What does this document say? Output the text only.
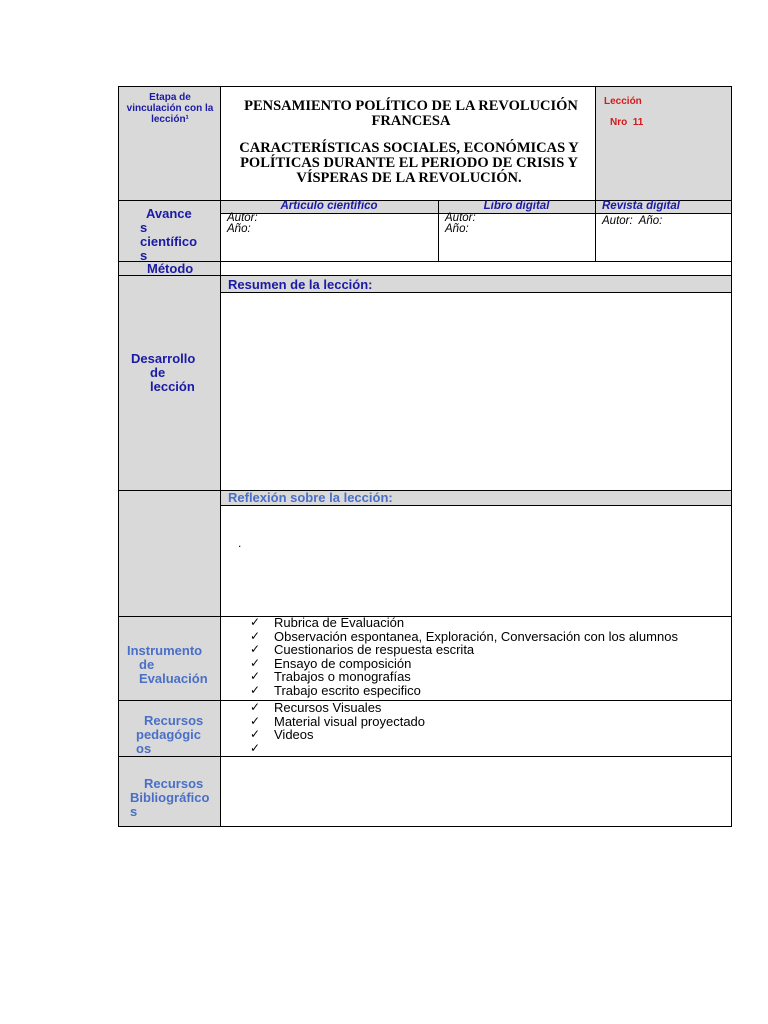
Etapa de vinculación con la lección¹
PENSAMIENTO POLÍTICO DE LA REVOLUCIÓN FRANCESA
CARACTERÍSTICAS SOCIALES, ECONÓMICAS Y POLÍTICAS DURANTE EL PERIODO DE CRISIS Y VÍSPERAS DE LA REVOLUCIÓN.
Lección
Nro  11
Avance
s
científico
s
Articulo científico	Libro digital	Revista digital
Autor:
Año:
Autor:
Año:
Autor:  Año:
Método
Desarrollo
de
lección
Resumen de la lección:
Reflexión sobre la lección:
.
Instrumento
de
Evaluación
✓ Rubrica de Evaluación
✓ Observación espontanea, Exploración, Conversación con los alumnos
✓ Cuestionarios de respuesta escrita
✓ Ensayo de composición
✓ Trabajos o monografías
✓ Trabajo escrito especifico
Recursos
pedagógic
os
✓ Recursos Visuales
✓ Material visual proyectado
✓ Videos
✓
Recursos
Bibliográfico
s
